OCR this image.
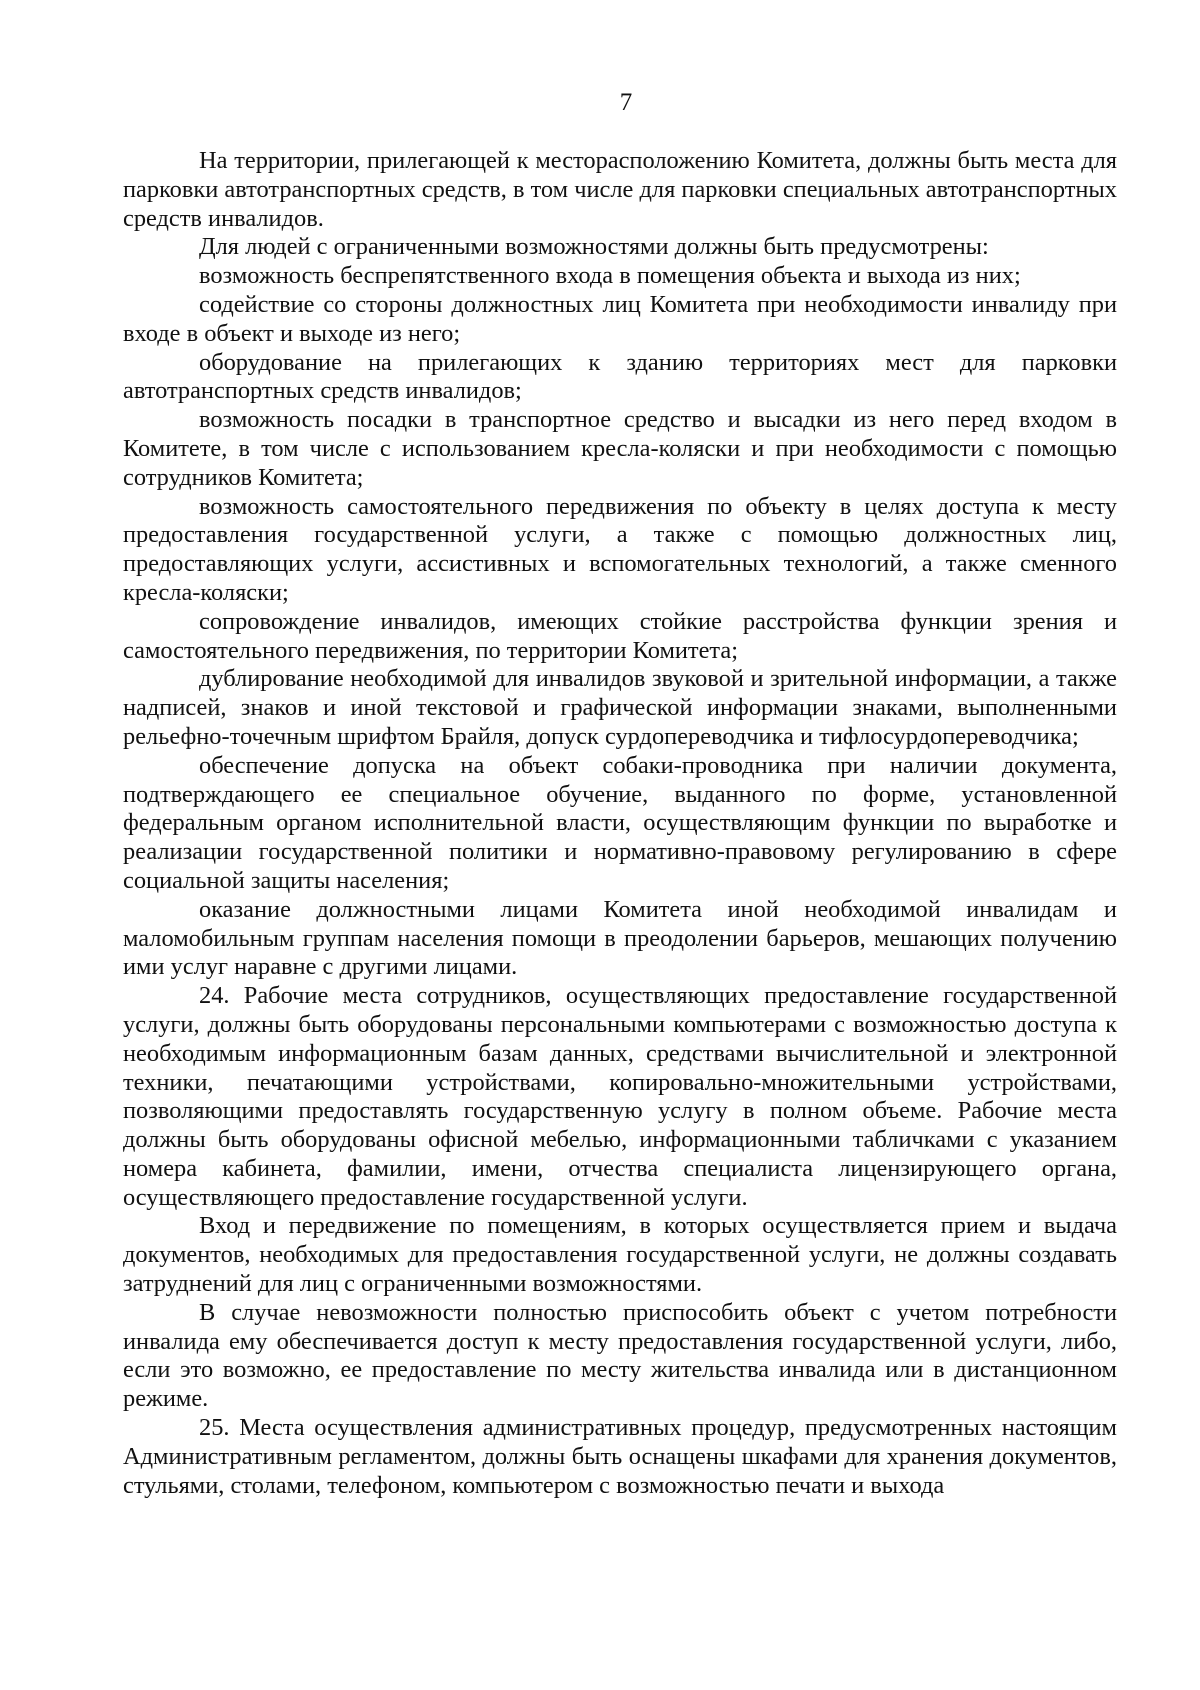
7

На территории, прилегающей к месторасположению Комитета, должны быть места для парковки автотранспортных средств, в том числе для парковки специальных автотранспортных средств инвалидов.

Для людей с ограниченными возможностями должны быть предусмотрены:

возможность беспрепятственного входа в помещения объекта и выхода из них;

содействие со стороны должностных лиц Комитета при необходимости инвалиду при входе в объект и выходе из него;

оборудование на прилегающих к зданию территориях мест для парковки автотранспортных средств инвалидов;

возможность посадки в транспортное средство и высадки из него перед входом в Комитете, в том числе с использованием кресла-коляски и при необходимости с помощью сотрудников Комитета;

возможность самостоятельного передвижения по объекту в целях доступа к месту предоставления государственной услуги, а также с помощью должностных лиц, предоставляющих услуги, ассистивных и вспомогательных технологий, а также сменного кресла-коляски;

сопровождение инвалидов, имеющих стойкие расстройства функции зрения и самостоятельного передвижения, по территории Комитета;

дублирование необходимой для инвалидов звуковой и зрительной информации, а также надписей, знаков и иной текстовой и графической информации знаками, выполненными рельефно-точечным шрифтом Брайля, допуск сурдопереводчика и тифлосурдопереводчика;

обеспечение допуска на объект собаки-проводника при наличии документа, подтверждающего ее специальное обучение, выданного по форме, установленной федеральным органом исполнительной власти, осуществляющим функции по выработке и реализации государственной политики и нормативно-правовому регулированию в сфере социальной защиты населения;

оказание должностными лицами Комитета иной необходимой инвалидам и маломобильным группам населения помощи в преодолении барьеров, мешающих получению ими услуг наравне с другими лицами.

24. Рабочие места сотрудников, осуществляющих предоставление государственной услуги, должны быть оборудованы персональными компьютерами с возможностью доступа к необходимым информационным базам данных, средствами вычислительной и электронной техники, печатающими устройствами, копировально-множительными устройствами, позволяющими предоставлять государственную услугу в полном объеме. Рабочие места должны быть оборудованы офисной мебелью, информационными табличками с указанием номера кабинета, фамилии, имени, отчества специалиста лицензирующего органа, осуществляющего предоставление государственной услуги.

Вход и передвижение по помещениям, в которых осуществляется прием и выдача документов, необходимых для предоставления государственной услуги, не должны создавать затруднений для лиц с ограниченными возможностями.

В случае невозможности полностью приспособить объект с учетом потребности инвалида ему обеспечивается доступ к месту предоставления государственной услуги, либо, если это возможно, ее предоставление по месту жительства инвалида или в дистанционном режиме.

25. Места осуществления административных процедур, предусмотренных настоящим Административным регламентом, должны быть оснащены шкафами для хранения документов, стульями, столами, телефоном, компьютером с возможностью печати и выхода
